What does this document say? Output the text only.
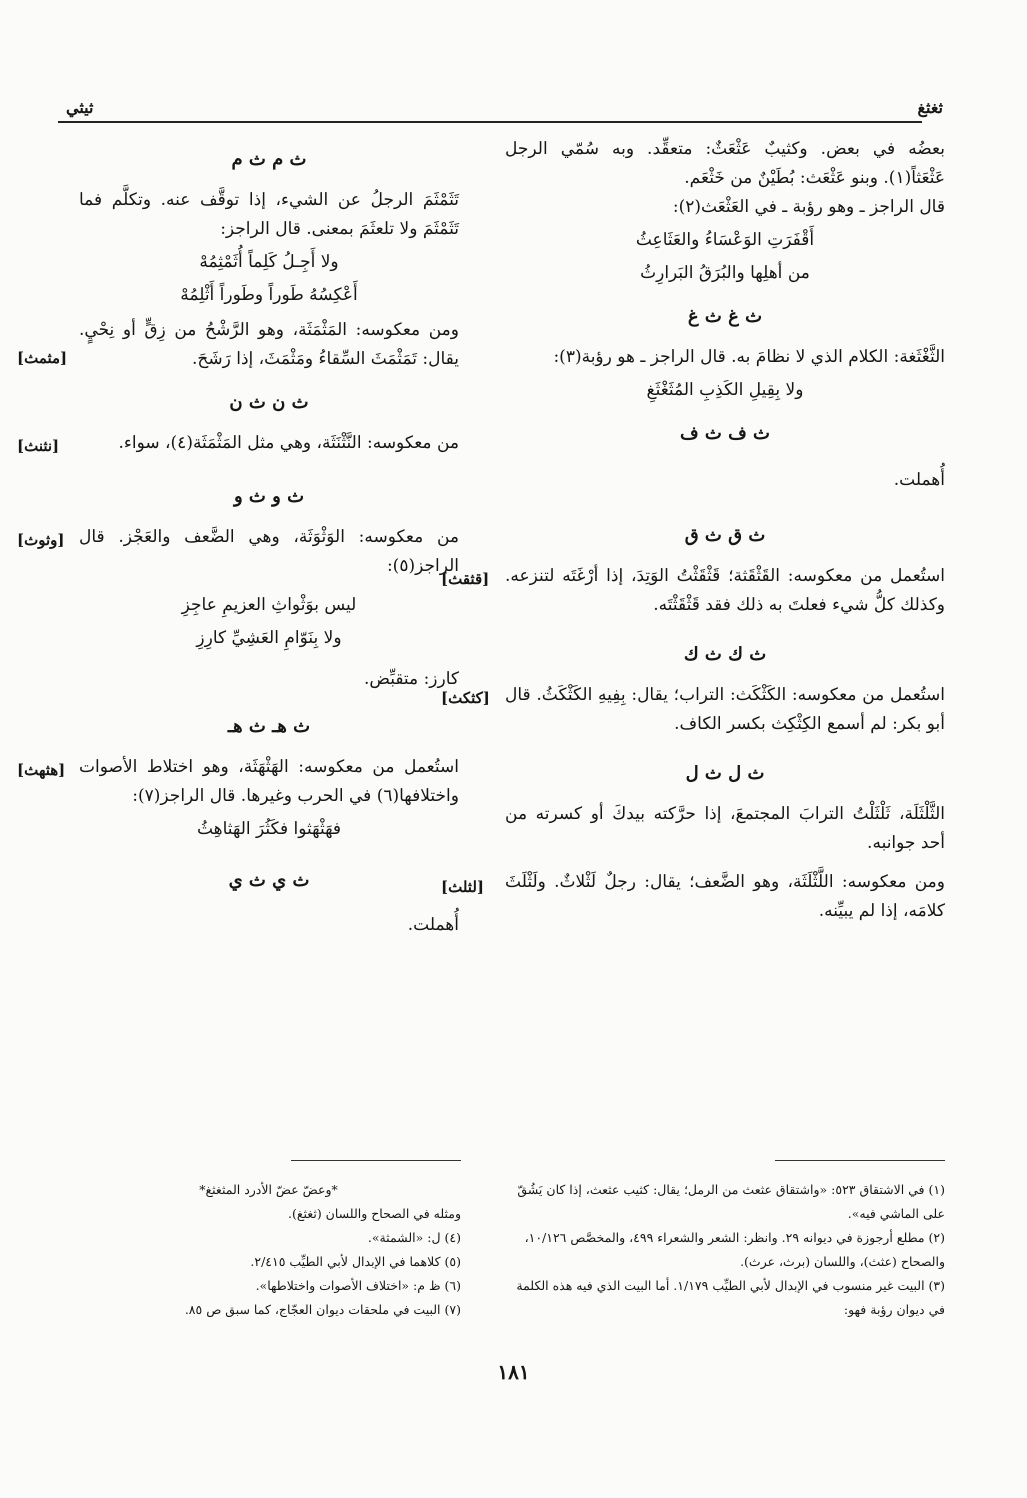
ثغثغ
ثيثي

بعضُه في بعض. وكثيبٌ عَثْعَثٌ: متعقِّد. وبه سُمّي الرجل عَثْعَثاً(١). وبنو عَثْعَث: بُطَيْنٌ من خَثْعَم.

قال الراجز ـ وهو رؤبة ـ في العَثْعَث(٢):

أَقْفَرَتِ الوَعْسَاءُ والعَثَاعِثُ
من أهلِها والبُرَقُ البَرارِثُ
ث غ ث غ

الثَّغْثَغة: الكلام الذي لا نظامَ به. قال الراجز ـ هو رؤبة(٣):

ولا بِقِيلِ الكَذِبِ المُثَغْثَغِ
ث ف ث ف

أُهملت.

ث ق ث ق
[قثقث] استُعمل من معكوسه: القَثْقَثة؛ قَثْقَثْتُ الوَتِدَ، إذا أرْغَتَه لتنزعه. وكذلك كلُّ شيء فعلتَ به ذلك فقد قَثْقَثْتَه.

ث ك ث ك
[كثكث] استُعمل من معكوسه: الكَثْكَث: التراب؛ يقال: بِفِيهِ الكَثْكَثُ. قال أبو بكر: لم أسمع الكِثْكِث بكسر الكاف.

ث ل ث ل

الثَّلْثَلَة، ثَلْثَلْتُ الترابَ المجتمعَ، إذا حرَّكته بيدكَ أو كسرته من أحد جوانبه.

[لثلث] ومن معكوسه: اللَّثْلَثَة، وهو الضَّعف؛ يقال: رجلٌ لَثْلاثٌ. ولَثْلَثَ كلامَه، إذا لم يبيِّنه.

ث م ث م

تَثَمْثَمَ الرجلُ عن الشيء، إذا توقَّف عنه. وتكلَّم فما تَثَمْثَمَ ولا تلعثَمَ بمعنى. قال الراجز:

ولا أَجِـلُ كَلِماً أُثَمْثِمُهْ
أَعْكِسُهُ طَوراً وطَوراً أَثْلِمُهْ
[مثمث]

ومن معكوسه: المَثْمَثَة، وهو الرَّشْحُ من زِقٍّ أو نِحْيٍ. يقال: تَمَثْمَثَ السِّقاءُ ومَثْمَثَ، إذا رَشَحَ.

ث ن ث ن
[نثنث]	من معكوسه: النَّثْنَثَة، وهي مثل المَثْمَثَة(٤)، سواء.

ث و ث و
[وثوث] من معكوسه: الوَثْوَثَة، وهي الضَّعف والعَجْز. قال الراجز(٥):

ليس بوَثْواثِ العزيمِ عاجِزِ
ولا بِنَوّامِ العَشِيِّ كارِزِ

كارز: متقبِّض.

ث هـ ث هـ
[هثهث] استُعمل من معكوسه: الهَثْهَثَة، وهو اختلاط الأصوات واختلافها(٦) في الحرب وغيرها. قال الراجز(٧):

فهَثْهَثوا فكَثُرَ الهَثاهِثُ
ث ي ث ي

أُهملت.

(١) في الاشتقاق ٥٢٣: «واشتقاق عثعث من الرمل؛ يقال: كثيب عثعث، إذا كان يَشُقّ على الماشي فيه».

(٢) مطلع أرجوزة في ديوانه ٢٩. وانظر: الشعر والشعراء ٤٩٩، والمخصَّص ١٠/١٢٦، والصحاح (عثث)، واللسان (برث، عرث).

(٣) البيت غير منسوب في الإبدال لأبي الطيِّب ١/١٧٩. أما البيت الذي فيه هذه الكلمة في ديوان رؤبة فهو:

*وعضّ عضّ الأدرد المثغثغ*

ومثله في الصحاح واللسان (ثغثغ).

(٤) ل: «الشمثة».

(٥) كلاهما في الإبدال لأبي الطيِّب ٢/٤١٥.

(٦) ظ م: «اختلاف الأصوات واختلاطها».

(٧) البيت في ملحقات ديوان العجّاج، كما سبق ص ٨٥.

١٨١
